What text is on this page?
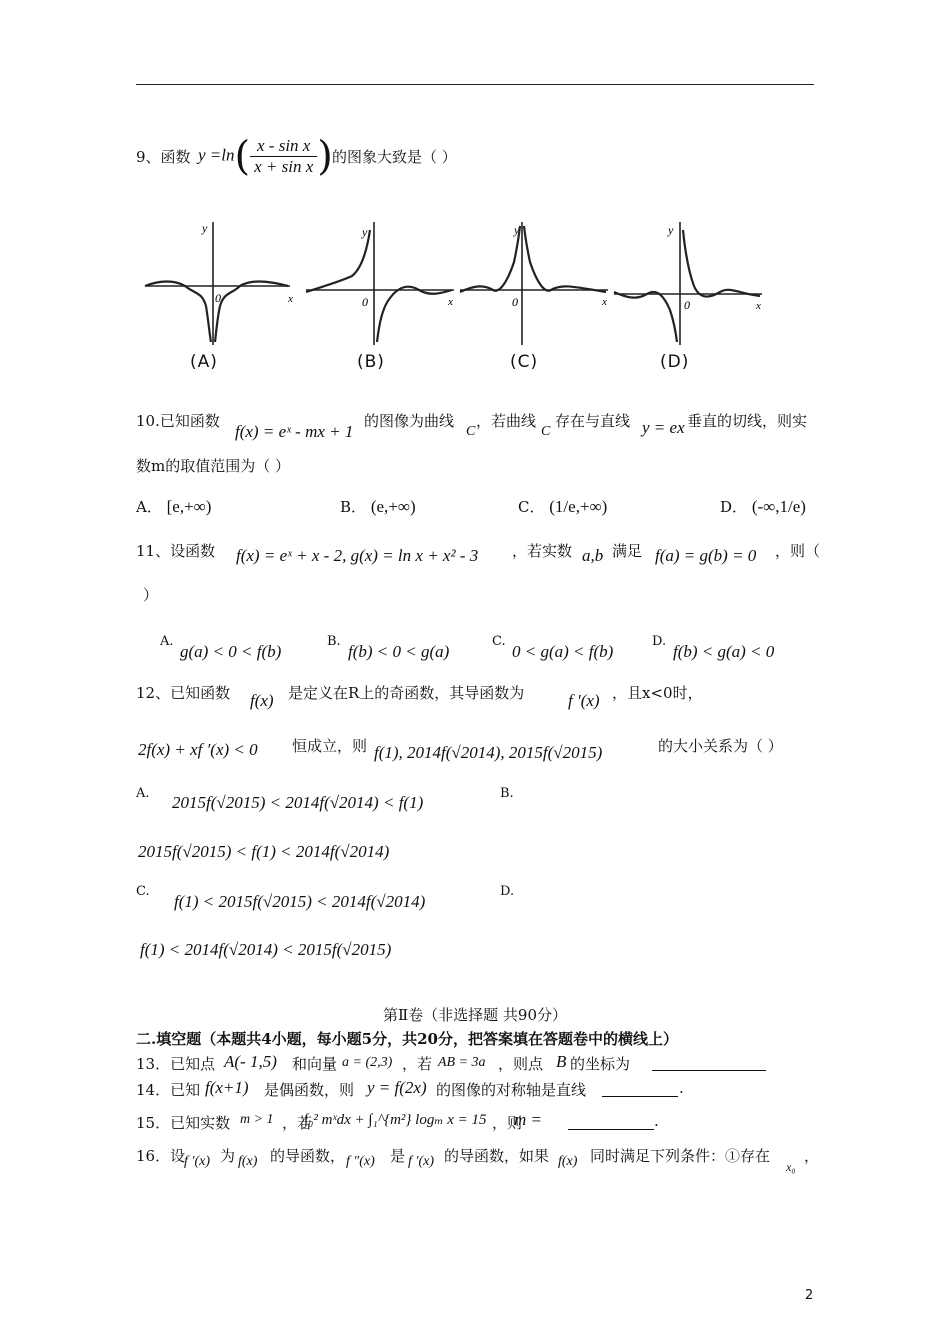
9、函数 $y =\ln( \frac{\text{x - sin x}}{\text{x + sin x}}$ ) 的图象大致是（ ）
y
x
0
y
x
0
y
x
0
y
x
0
(A)	(B)	(C)	(D)
10.已知函数
f(x) = eˣ - mx + 1
的图像为曲线
C
，若曲线
C
存在与直线 y = ex 垂直的切线，则实
数m的取值范围为（ ）
A． [e,+∞)	B． (e,+∞)	C． (1/e,+∞)	D． (-∞,1/e)
11、设函数 f(x) = eˣ + x - 2, g(x) = ln x + x² - 3 ，若实数 a,b 满足 f(a) = g(b) = 0 ，则（
）
A.
g(a) < 0 < f(b)
B.
f(b) < 0 < g(a)
C.
0 < g(a) < f(b)
D.
f(b) < g(a) < 0
12、已知函数 f(x) 是定义在R上的奇函数，其导函数为	f ′(x) ，且x<0时，
2f(x) + xf ′(x) < 0 恒成立，则 f(1), 2014f(√2014), 2015f(√2015)	的大小关系为（ ）
A. 2015f(√2015) < 2014f(√2014) < f(1)	B.
2015f(√2015) < f(1) < 2014f(√2014)
C.
f(1) < 2015f(√2015) < 2014f(√2014)
D.
f(1) < 2014f(√2014) < 2015f(√2015)
第Ⅱ卷（非选择题 共90分）
二.填空题（本题共4小题，每小题5分，共20分，把答案填在答题卷中的横线上）
13．已知点 A(- 1,5) 和向量 a = (2,3) ，若 AB = 3a ，则点 B 的坐标为
14．已知 f(x+1) 是偶函数，则 y = f(2x) 的图像的对称轴是直线	.
15．已知实数 m > 1 ，若
∫₀² mˣdx + ∫₁^{m²} logₘ x = 15 ，则
m =	.
16．设
f ′(x) 为 f(x) 的导函数， f ″(x) 是 f ′(x) 的导函数，如果 f(x) 同时满足下列条件：①存在
x₀
，
2
